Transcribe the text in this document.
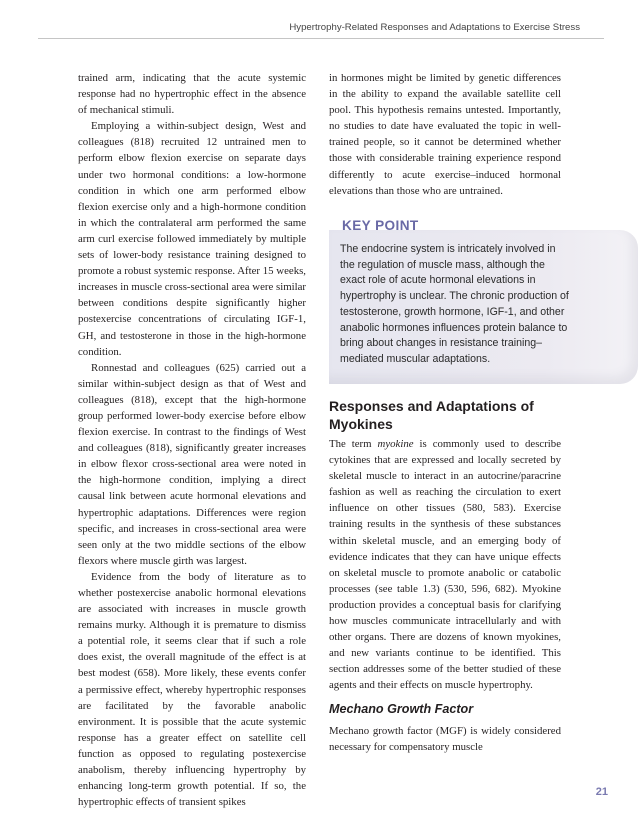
Hypertrophy-Related Responses and Adaptations to Exercise Stress

trained arm, indicating that the acute systemic response had no hypertrophic effect in the absence of mechanical stimuli.

Employing a within-subject design, West and colleagues (818) recruited 12 untrained men to perform elbow flexion exercise on separate days under two hormonal conditions: a low-hormone condition in which one arm performed elbow flexion exercise only and a high-hormone condition in which the contralateral arm performed the same arm curl exercise followed immediately by multiple sets of lower-body resistance training designed to promote a robust systemic response. After 15 weeks, increases in muscle cross-sectional area were similar between conditions despite significantly higher postexercise concentrations of circulating IGF-1, GH, and testosterone in those in the high-hormone condition.

Ronnestad and colleagues (625) carried out a similar within-subject design as that of West and colleagues (818), except that the high-hormone group performed lower-body exercise before elbow flexion exercise. In contrast to the findings of West and colleagues (818), significantly greater increases in elbow flexor cross-sectional area were noted in the high-hormone condition, implying a direct causal link between acute hormonal elevations and hypertrophic adaptations. Differences were region specific, and increases in cross-sectional area were seen only at the two middle sections of the elbow flexors where muscle girth was largest.

Evidence from the body of literature as to whether postexercise anabolic hormonal elevations are associated with increases in muscle growth remains murky. Although it is premature to dismiss a potential role, it seems clear that if such a role does exist, the overall magnitude of the effect is at best modest (658). More likely, these events confer a permissive effect, whereby hypertrophic responses are facilitated by the favorable anabolic environment. It is possible that the acute systemic response has a greater effect on satellite cell function as opposed to regulating postexercise anabolism, thereby influencing hypertrophy by enhancing long-term growth potential. If so, the hypertrophic effects of transient spikes

in hormones might be limited by genetic differences in the ability to expand the available satellite cell pool. This hypothesis remains untested. Importantly, no studies to date have evaluated the topic in well-trained people, so it cannot be determined whether those with considerable training experience respond differently to acute exercise–induced hormonal elevations than those who are untrained.

KEY POINT
The endocrine system is intricately involved in the regulation of muscle mass, although the exact role of acute hormonal elevations in hypertrophy is unclear. The chronic production of testosterone, growth hormone, IGF-1, and other anabolic hormones influences protein balance to bring about changes in resistance training–mediated muscular adaptations.
Responses and Adaptations of Myokines

The term myokine is commonly used to describe cytokines that are expressed and locally secreted by skeletal muscle to interact in an autocrine/paracrine fashion as well as reaching the circulation to exert influence on other tissues (580, 583). Exercise training results in the synthesis of these substances within skeletal muscle, and an emerging body of evidence indicates that they can have unique effects on skeletal muscle to promote anabolic or catabolic processes (see table 1.3) (530, 596, 682). Myokine production provides a conceptual basis for clarifying how muscles communicate intracellularly and with other organs. There are dozens of known myokines, and new variants continue to be identified. This section addresses some of the better studied of these agents and their effects on muscle hypertrophy.

Mechano Growth Factor

Mechano growth factor (MGF) is widely considered necessary for compensatory muscle

21
